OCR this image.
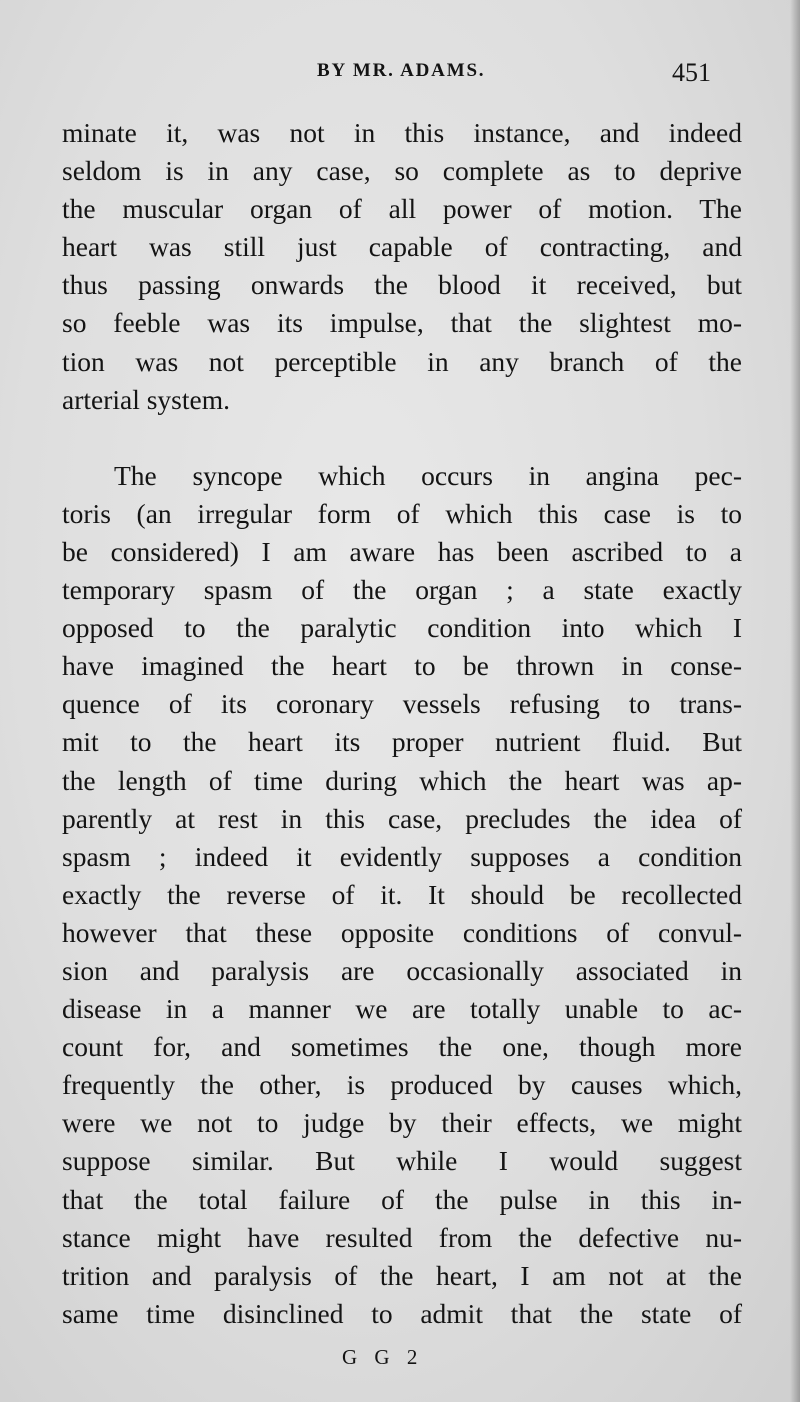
BY MR. ADAMS.	451
minate it, was not in this instance, and indeed
seldom is in any case, so complete as to deprive
the muscular organ of all power of motion. The
heart was still just capable of contracting, and
thus passing onwards the blood it received, but
so feeble was its impulse, that the slightest mo-
tion was not perceptible in any branch of the
arterial system.
The syncope which occurs in angina pec-
toris (an irregular form of which this case is to
be considered) I am aware has been ascribed to a
temporary spasm of the organ ; a state exactly
opposed to the paralytic condition into which I
have imagined the heart to be thrown in conse-
quence of its coronary vessels refusing to trans-
mit to the heart its proper nutrient fluid. But
the length of time during which the heart was ap-
parently at rest in this case, precludes the idea of
spasm ; indeed it evidently supposes a condition
exactly the reverse of it. It should be recollected
however that these opposite conditions of convul-
sion and paralysis are occasionally associated in
disease in a manner we are totally unable to ac-
count for, and sometimes the one, though more
frequently the other, is produced by causes which,
were we not to judge by their effects, we might
suppose similar. But while I would suggest
that the total failure of the pulse in this in-
stance might have resulted from the defective nu-
trition and paralysis of the heart, I am not at the
same time disinclined to admit that the state of
G G 2
